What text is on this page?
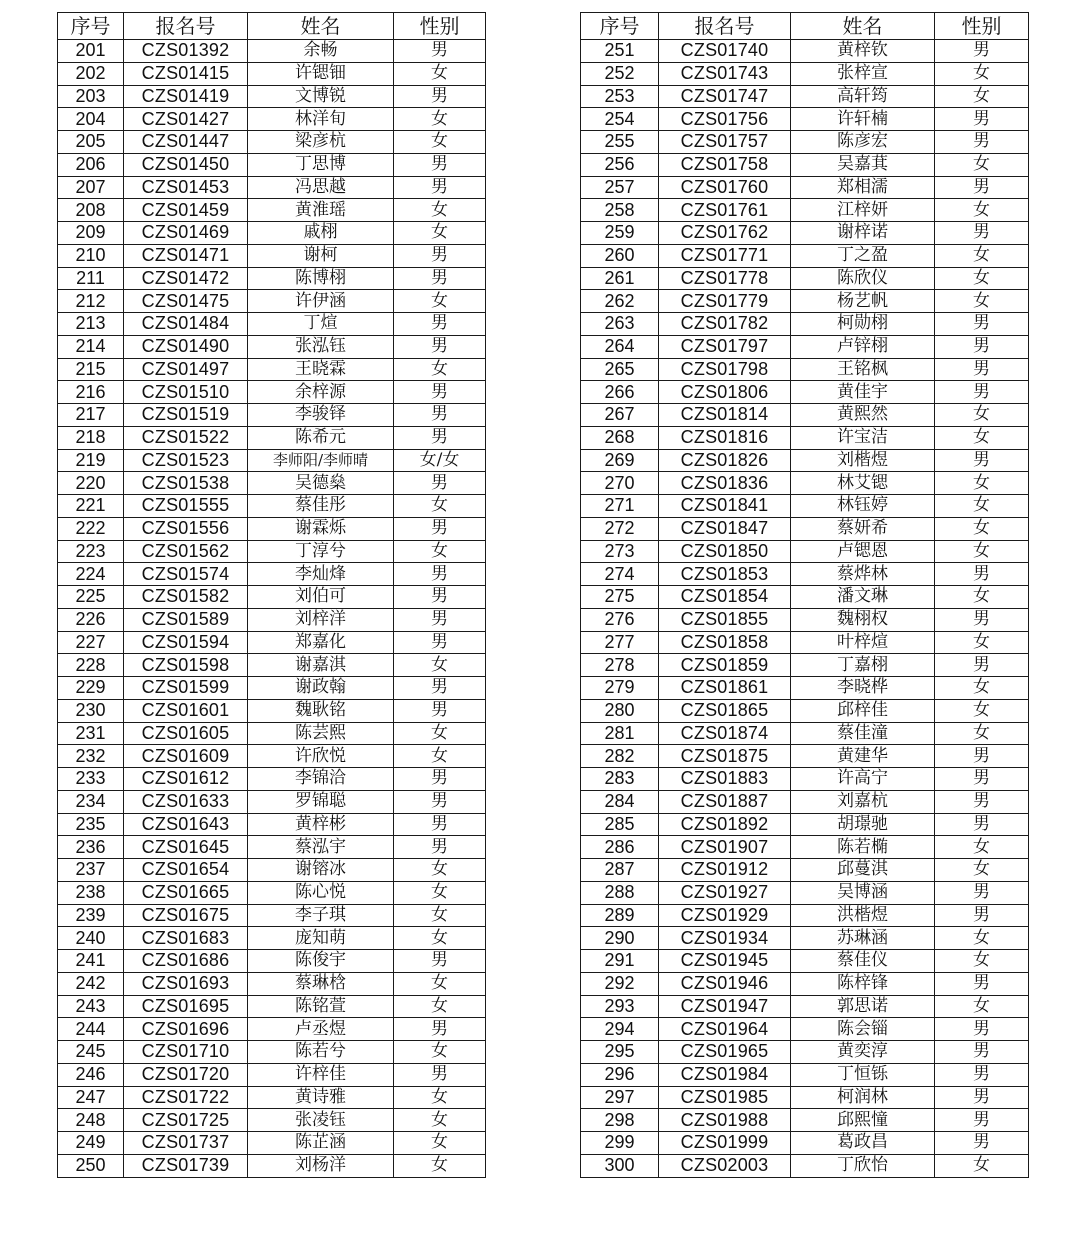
序号	报名号	姓名	性别
201	CZS01392	余畅	男
202	CZS01415	许锶钿	女
203	CZS01419	文博锐	男
204	CZS01427	林洋旬	女
205	CZS01447	梁彦杭	女
206	CZS01450	丁思博	男
207	CZS01453	冯思越	男
208	CZS01459	黄淮瑶	女
209	CZS01469	戚栩	女
210	CZS01471	谢柯	男
211	CZS01472	陈博栩	男
212	CZS01475	许伊涵	女
213	CZS01484	丁煊	男
214	CZS01490	张泓钰	男
215	CZS01497	王晓霖	女
216	CZS01510	余梓源	男
217	CZS01519	李骏铎	男
218	CZS01522	陈希元	男
219	CZS01523	李师阳/李师晴	女/女
220	CZS01538	吴德燊	男
221	CZS01555	蔡佳彤	女
222	CZS01556	谢霖烁	男
223	CZS01562	丁淳兮	女
224	CZS01574	李灿烽	男
225	CZS01582	刘伯可	男
226	CZS01589	刘梓洋	男
227	CZS01594	郑嘉化	男
228	CZS01598	谢嘉淇	女
229	CZS01599	谢政翰	男
230	CZS01601	魏耿铭	男
231	CZS01605	陈芸熙	女
232	CZS01609	许欣悦	女
233	CZS01612	李锦洽	男
234	CZS01633	罗锦聪	男
235	CZS01643	黄梓彬	男
236	CZS01645	蔡泓宇	男
237	CZS01654	谢镕冰	女
238	CZS01665	陈心悦	女
239	CZS01675	李子琪	女
240	CZS01683	庞知萌	女
241	CZS01686	陈俊宇	男
242	CZS01693	蔡琳梒	女
243	CZS01695	陈铭萱	女
244	CZS01696	卢丞煜	男
245	CZS01710	陈若兮	女
246	CZS01720	许梓佳	男
247	CZS01722	黄诗雅	女
248	CZS01725	张凌钰	女
249	CZS01737	陈芷涵	女
250	CZS01739	刘杨洋	女
序号	报名号	姓名	性别
251	CZS01740	黄梓钦	男
252	CZS01743	张梓宣	女
253	CZS01747	高轩筠	女
254	CZS01756	许轩楠	男
255	CZS01757	陈彦宏	男
256	CZS01758	吴嘉萁	女
257	CZS01760	郑相濡	男
258	CZS01761	江梓妍	女
259	CZS01762	谢梓诺	男
260	CZS01771	丁之盈	女
261	CZS01778	陈欣仪	女
262	CZS01779	杨艺帆	女
263	CZS01782	柯勋栩	男
264	CZS01797	卢锌栩	男
265	CZS01798	王铭枫	男
266	CZS01806	黄佳宇	男
267	CZS01814	黄熙然	女
268	CZS01816	许宝洁	女
269	CZS01826	刘楷煜	男
270	CZS01836	林艾锶	女
271	CZS01841	林钰婷	女
272	CZS01847	蔡妍希	女
273	CZS01850	卢锶恩	女
274	CZS01853	蔡烨林	男
275	CZS01854	潘文琳	女
276	CZS01855	魏栩权	男
277	CZS01858	叶梓煊	女
278	CZS01859	丁嘉栩	男
279	CZS01861	李晓桦	女
280	CZS01865	邱梓佳	女
281	CZS01874	蔡佳潼	女
282	CZS01875	黄建华	男
283	CZS01883	许高宁	男
284	CZS01887	刘嘉杭	男
285	CZS01892	胡璟驰	男
286	CZS01907	陈若椭	女
287	CZS01912	邱蔓淇	女
288	CZS01927	吴博涵	男
289	CZS01929	洪楷煜	男
290	CZS01934	苏琳涵	女
291	CZS01945	蔡佳仪	女
292	CZS01946	陈梓锋	男
293	CZS01947	郭思诺	女
294	CZS01964	陈会锱	男
295	CZS01965	黄奕淳	男
296	CZS01984	丁恒铄	男
297	CZS01985	柯润林	男
298	CZS01988	邱熙憧	男
299	CZS01999	葛政昌	男
300	CZS02003	丁欣怡	女
